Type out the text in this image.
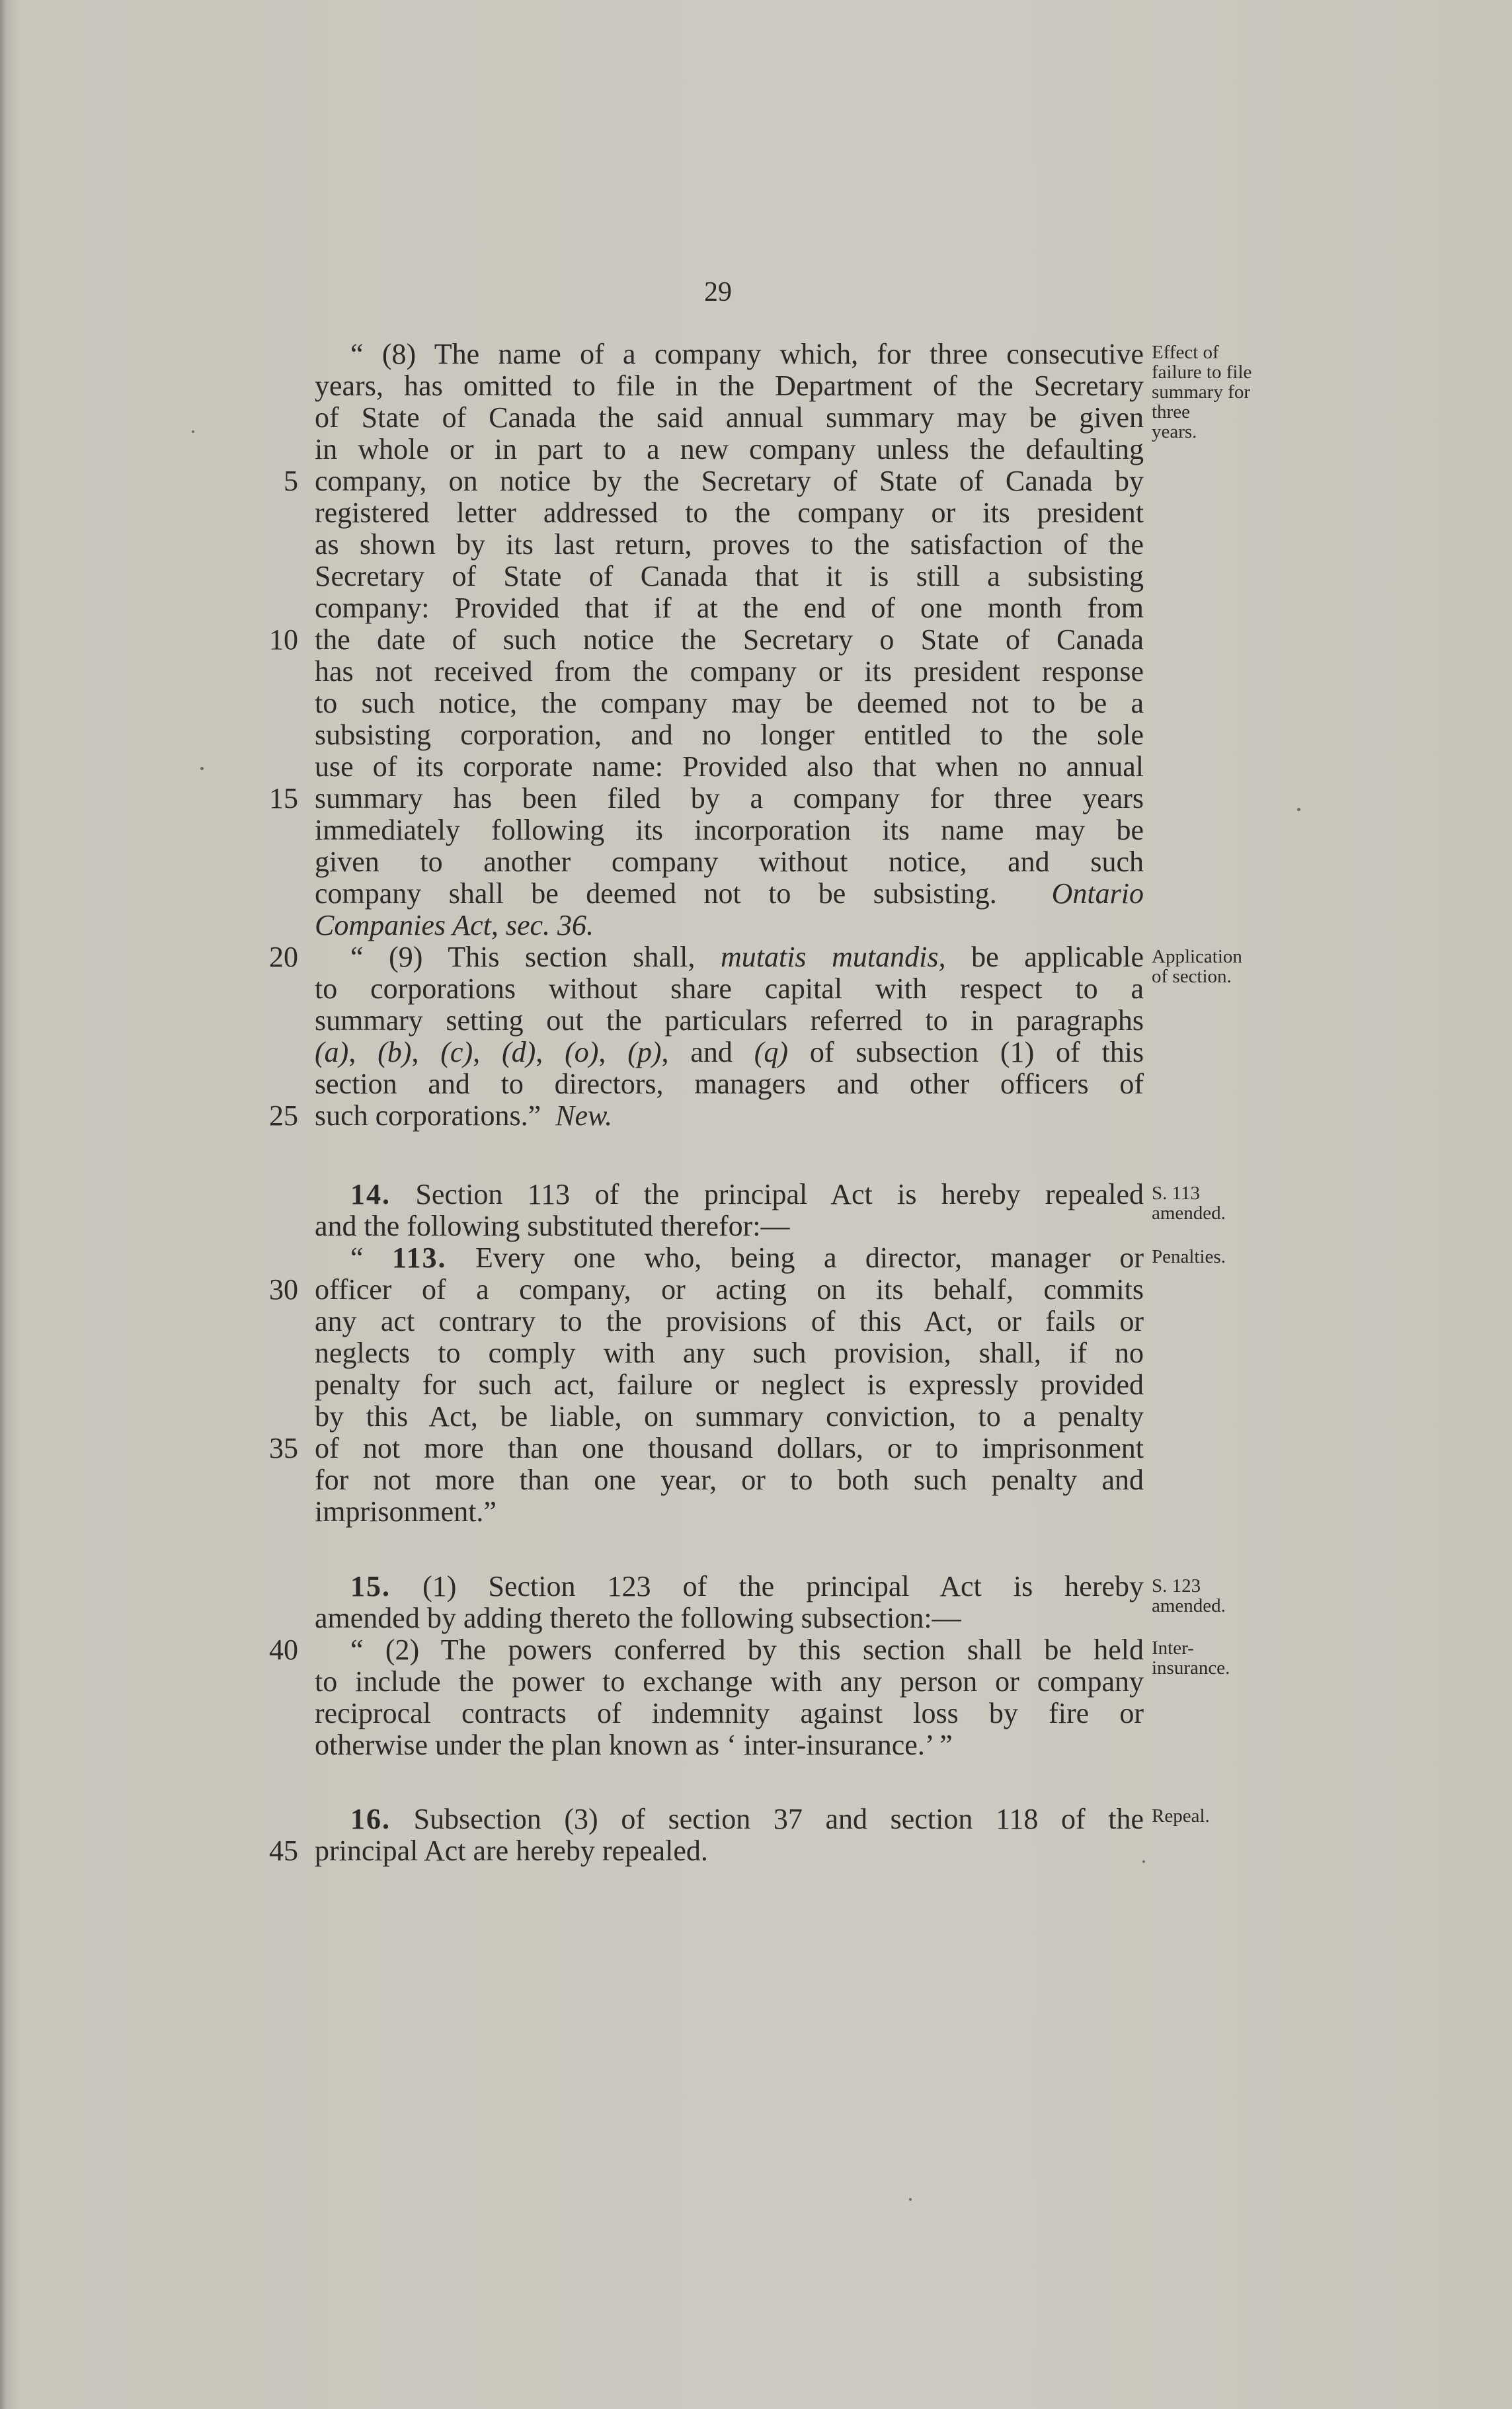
29
“ (8) The name of a company which, for three consecutive
years, has omitted to file in the Department of the Secretary
of State of Canada the said annual summary may be given
in whole or in part to a new company unless the defaulting
company, on notice by the Secretary of State of Canada by
registered letter addressed to the company or its president
as shown by its last return, proves to the satisfaction of the
Secretary of State of Canada that it is still a subsisting
company: Provided that if at the end of one month from
the date of such notice the Secretary o State of Canada
has not received from the company or its president response
to such notice, the company may be deemed not to be a
subsisting corporation, and no longer entitled to the sole
use of its corporate name: Provided also that when no annual
summary has been filed by a company for three years
immediately following its incorporation its name may be
given to another company without notice, and such
company shall be deemed not to be subsisting. Ontario
Companies Act, sec. 36.
“ (9) This section shall, mutatis mutandis, be applicable
to corporations without share capital with respect to a
summary setting out the particulars referred to in paragraphs
(a), (b), (c), (d), (o), (p), and (q) of subsection (1) of this
section and to directors, managers and other officers of
such corporations.” New.
14. Section 113 of the principal Act is hereby repealed
and the following substituted therefor:—
“ 113. Every one who, being a director, manager or
officer of a company, or acting on its behalf, commits
any act contrary to the provisions of this Act, or fails or
neglects to comply with any such provision, shall, if no
penalty for such act, failure or neglect is expressly provided
by this Act, be liable, on summary conviction, to a penalty
of not more than one thousand dollars, or to imprisonment
for not more than one year, or to both such penalty and
imprisonment.”
15. (1) Section 123 of the principal Act is hereby
amended by adding thereto the following subsection:—
“ (2) The powers conferred by this section shall be held
to include the power to exchange with any person or company
reciprocal contracts of indemnity against loss by fire or
otherwise under the plan known as ‘ inter-insurance.’ ”
16. Subsection (3) of section 37 and section 118 of the
principal Act are hereby repealed.
5
10
15
20
25
30
35
40
45
Effect of
failure to file
summary for
three
years.
Application
of section.
S. 113
amended.
Penalties.
S. 123
amended.
Inter-
insurance.
Repeal.
